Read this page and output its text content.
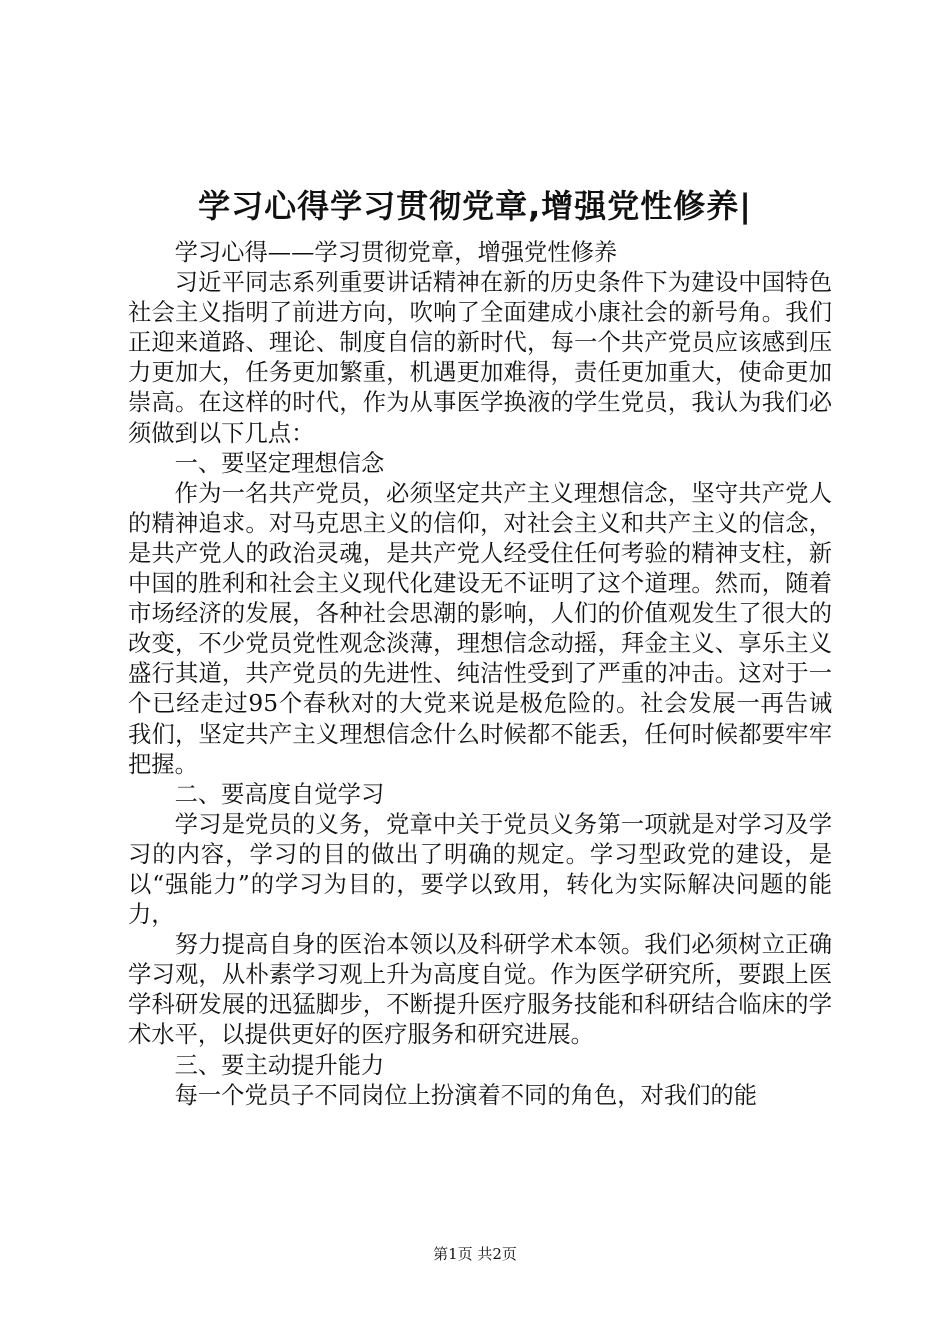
学习心得学习贯彻党章,增强党性修养|

学习心得——学习贯彻党章，增强党性修养

习近平同志系列重要讲话精神在新的历史条件下为建设中国特色社会主义指明了前进方向，吹响了全面建成小康社会的新号角。我们正迎来道路、理论、制度自信的新时代，每一个共产党员应该感到压力更加大，任务更加繁重，机遇更加难得，责任更加重大，使命更加崇高。在这样的时代，作为从事医学换液的学生党员，我认为我们必须做到以下几点：

一、要坚定理想信念

作为一名共产党员，必须坚定共产主义理想信念，坚守共产党人的精神追求。对马克思主义的信仰，对社会主义和共产主义的信念，是共产党人的政治灵魂，是共产党人经受住任何考验的精神支柱，新中国的胜利和社会主义现代化建设无不证明了这个道理。然而，随着市场经济的发展，各种社会思潮的影响，人们的价值观发生了很大的改变，不少党员党性观念淡薄，理想信念动摇，拜金主义、享乐主义盛行其道，共产党员的先进性、纯洁性受到了严重的冲击。这对于一个已经走过95个春秋对的大党来说是极危险的。社会发展一再告诫我们，坚定共产主义理想信念什么时候都不能丢，任何时候都要牢牢把握。

二、要高度自觉学习

学习是党员的义务，党章中关于党员义务第一项就是对学习及学习的内容，学习的目的做出了明确的规定。学习型政党的建设，是以“强能力”的学习为目的，要学以致用，转化为实际解决问题的能力，

努力提高自身的医治本领以及科研学术本领。我们必须树立正确学习观，从朴素学习观上升为高度自觉。作为医学研究所，要跟上医学科研发展的迅猛脚步，不断提升医疗服务技能和科研结合临床的学术水平，以提供更好的医疗服务和研究进展。

三、要主动提升能力

每一个党员子不同岗位上扮演着不同的角色，对我们的能

第1页 共2页
